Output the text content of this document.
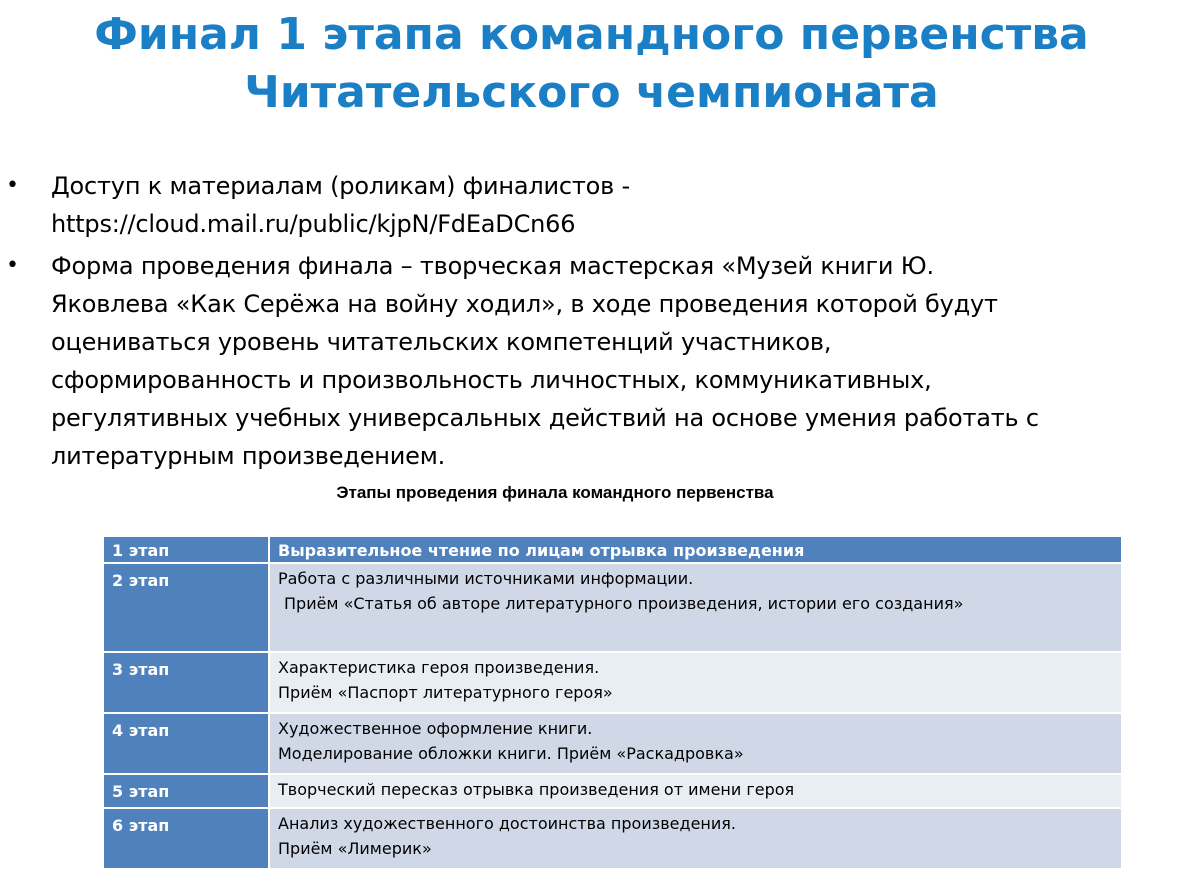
Финал 1 этапа командного первенства
Читательского чемпионата
• Доступ к материалам (роликам) финалистов -
https://cloud.mail.ru/public/kjpN/FdEaDCn66
• Форма проведения финала – творческая мастерская «Музей книги Ю.
Яковлева «Как Серёжа на войну ходил», в ходе проведения которой будут
оцениваться уровень читательских компетенций участников,
сформированность и произвольность личностных, коммуникативных,
регулятивных учебных универсальных действий на основе умения работать с
литературным произведением.

Этапы проведения финала командного первенства

1 этап	Выразительное чтение по лицам отрывка произведения

2 этап	Работа с различными источниками информации.
Приём «Статья об авторе литературного произведения, истории его создания»

3 этап	Характеристика героя произведения.
Приём «Паспорт литературного героя»

4 этап	Художественное оформление книги.
Моделирование обложки книги. Приём «Раскадровка»

5 этап	Творческий пересказ отрывка произведения от имени героя

6 этап	Анализ художественного достоинства произведения.
Приём «Лимерик»
